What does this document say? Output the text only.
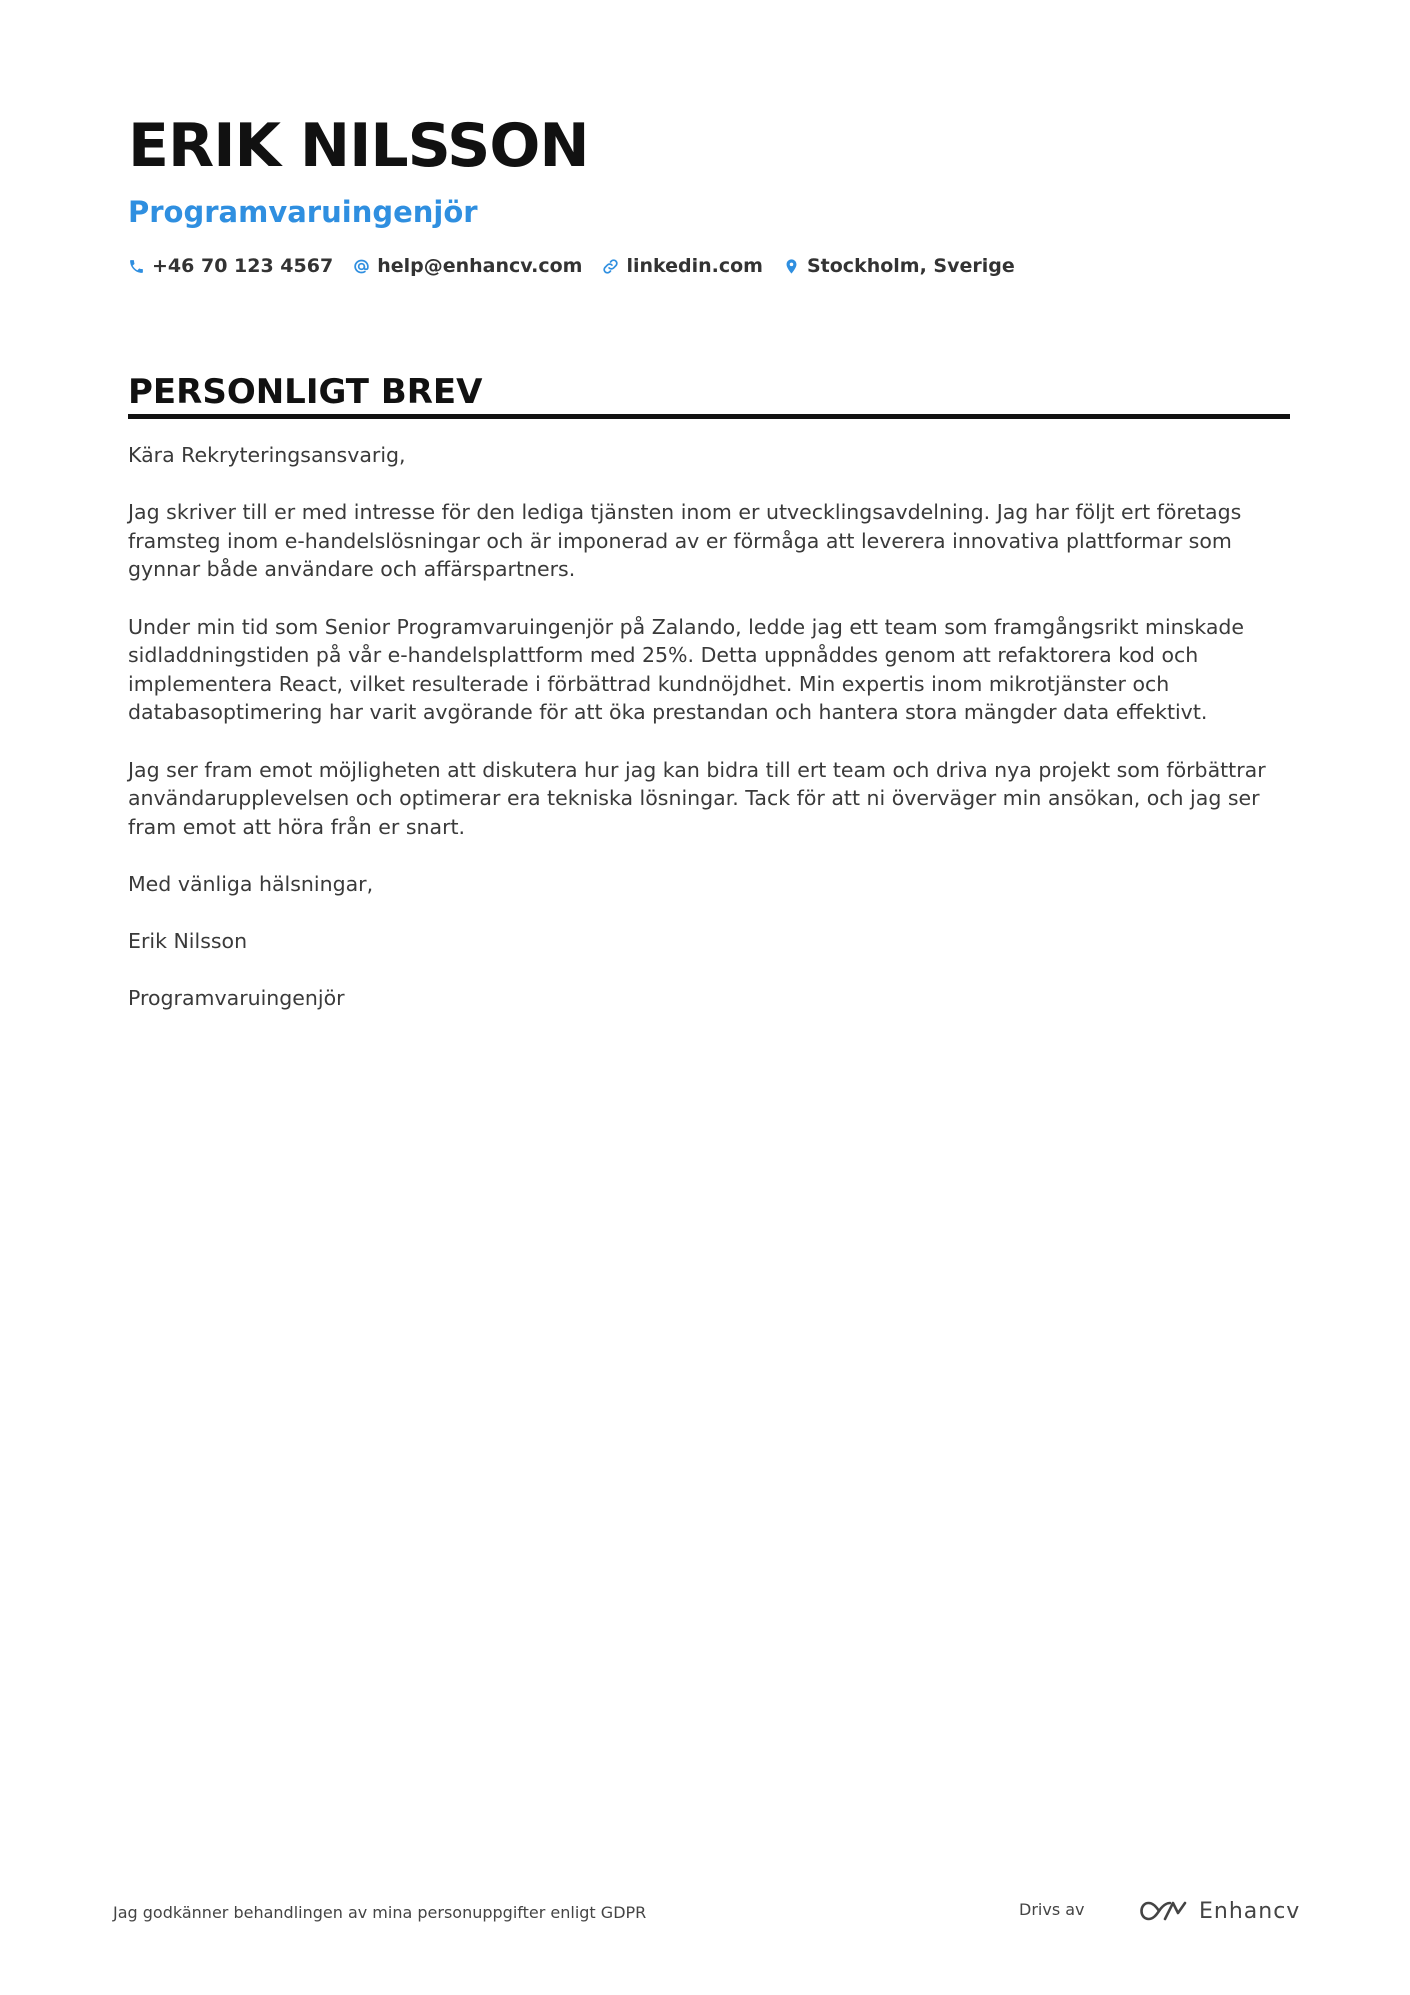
ERIK NILSSON
Programvaruingenjör
+46 70 123 4567 help@enhancv.com linkedin.com Stockholm, Sverige
PERSONLIGT BREV

Kära Rekryteringsansvarig,

Jag skriver till er med intresse för den lediga tjänsten inom er utvecklingsavdelning. Jag har följt ert företags framsteg inom e-handelslösningar och är imponerad av er förmåga att leverera innovativa plattformar som gynnar både användare och affärspartners.

Under min tid som Senior Programvaruingenjör på Zalando, ledde jag ett team som framgångsrikt minskade sidladdningstiden på vår e-handelsplattform med 25%. Detta uppnåddes genom att refaktorera kod och implementera React, vilket resulterade i förbättrad kundnöjdhet. Min expertis inom mikrotjänster och databasoptimering har varit avgörande för att öka prestandan och hantera stora mängder data effektivt.

Jag ser fram emot möjligheten att diskutera hur jag kan bidra till ert team och driva nya projekt som förbättrar användarupplevelsen och optimerar era tekniska lösningar. Tack för att ni överväger min ansökan, och jag ser fram emot att höra från er snart.

Med vänliga hälsningar,

Erik Nilsson

Programvaruingenjör

Jag godkänner behandlingen av mina personuppgifter enligt GDPR	Drivs av	Enhancv
